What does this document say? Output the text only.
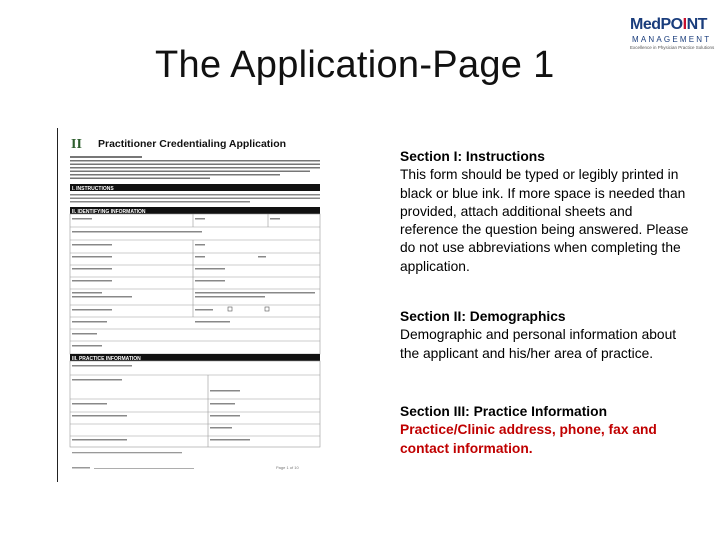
MedPOINT
MANAGEMENT
Excellence in Physician Practice Solutions
The Application-Page 1
II Practitioner Credentialing Application
I. INSTRUCTIONS
II. IDENTIFYING INFORMATION
III. PRACTICE INFORMATION
Page 1 of 10
Section I: Instructions
This form should be typed or legibly printed in black or blue ink. If more space is needed than provided, attach additional sheets and reference the question being answered. Please do not use abbreviations when completing the application.
Section II: Demographics
Demographic and personal information about the applicant and his/her area of practice.
Section III: Practice Information
Practice/Clinic address, phone, fax and contact information.
